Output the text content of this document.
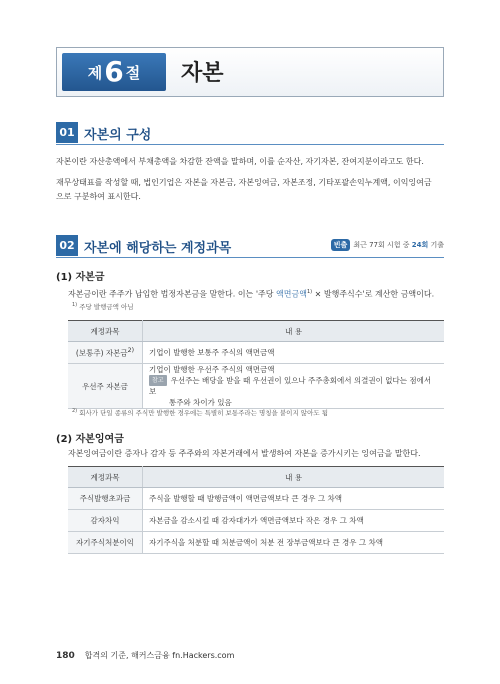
제 6 절 자본
01 자본의 구성

자본이란 자산총액에서 부채총액을 차감한 잔액을 말하며, 이를 순자산, 자기자본, 잔여지분이라고도 한다.

재무상태표를 작성할 때, 법인기업은 자본을 자본금, 자본잉여금, 자본조정, 기타포괄손익누계액, 이익잉여금

으로 구분하여 표시한다.

02 자본에 해당하는 계정과목	빈출 최근 77회 시험 중
24회
기출
(1) 자본금

자본금이란 주주가 납입한 법정자본금을 말한다. 이는 '주당 액면금액$^{1)}$ × 발행주식수'로 계산한 금액이다.

$^{1)}$ 주당 발행금액 아님

계정과목	내 용
(보통주) 자본금$^{2)}$	기업이 발행한 보통주 주식의 액면금액
우선주 자본금	기업이 발행한 우선주 주식의 액면금액
참고 우선주는 배당을 받을 때 우선권이 있으나 주주총회에서 의결권이 없다는 점에서 보
통주와 차이가 있음

$^{2)}$ 회사가 단일 종류의 주식만 발행한 경우에는 특별히 보통주라는 명칭을 붙이지 않아도 됨

(2) 자본잉여금

자본잉여금이란 증자나 감자 등 주주와의 자본거래에서 발생하여 자본을 증가시키는 잉여금을 말한다.

계정과목	내 용
주식발행초과금	주식을 발행할 때 발행금액이 액면금액보다 큰 경우 그 차액
감자차익	자본금을 감소시킬 때 감자대가가 액면금액보다 작은 경우 그 차액
자기주식처분이익	자기주식을 처분할 때 처분금액이 처분 전 장부금액보다 큰 경우 그 차액
180 합격의 기준, 해커스금융
fn.Hackers.com
